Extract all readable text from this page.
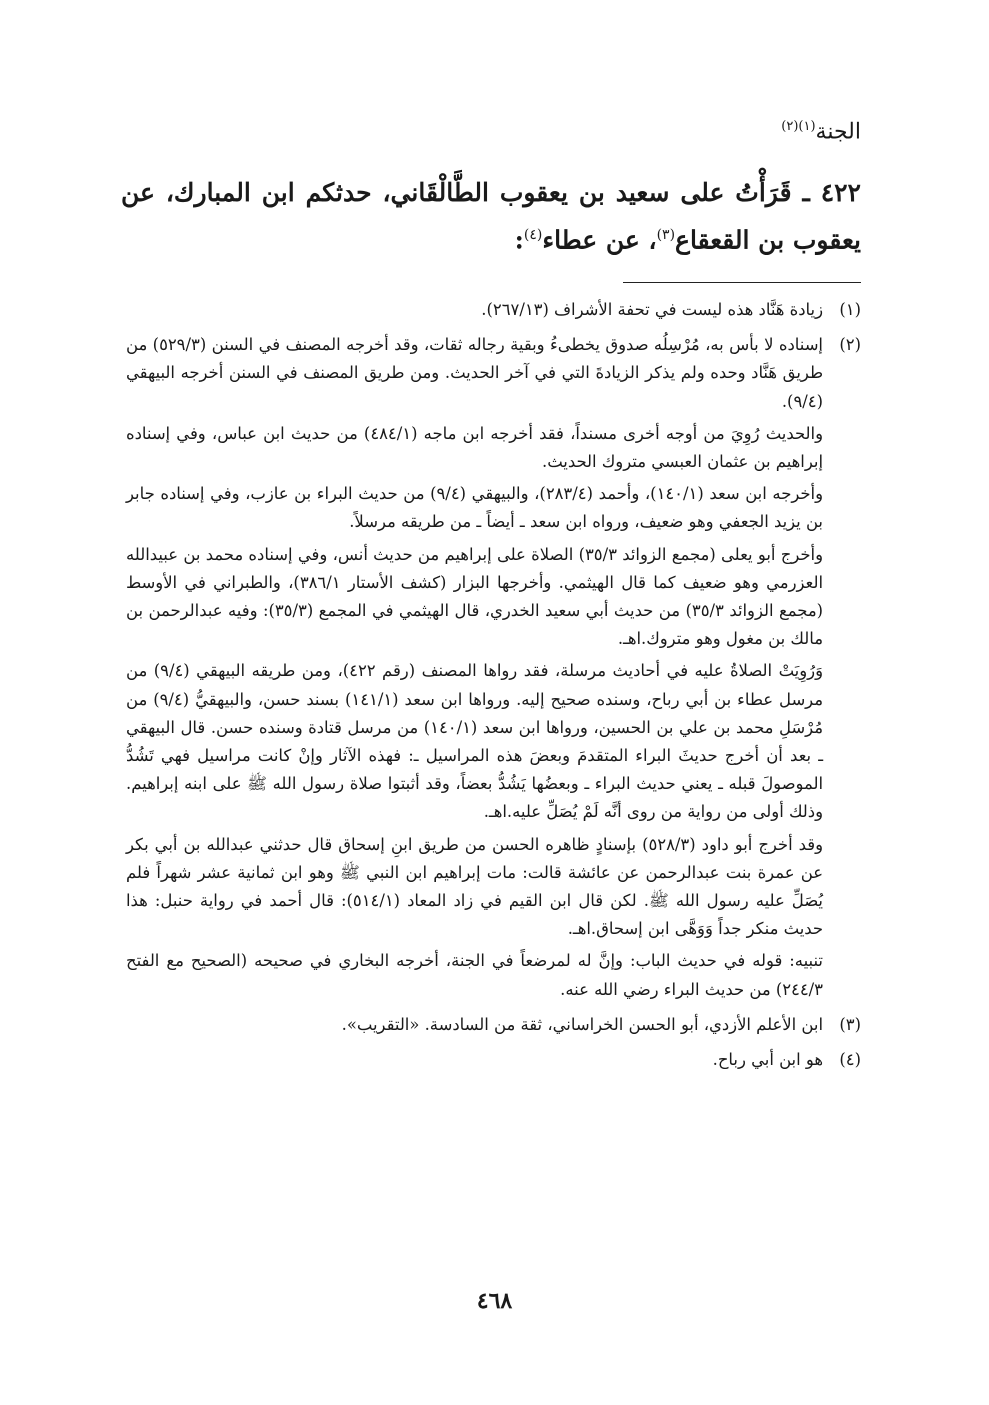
الجنة$^{(١)(٢)}$
٤٢٢ ـ قَرَأْتُ على سعيد بن يعقوب الطَّالْقَاني، حدثكم ابن المبارك، عن يعقوب بن القعقاع$^{(٣)}$، عن عطاء$^{(٤)}$:
(١)

زيادة هَنَّاد هذه ليست في تحفة الأشراف (٢٦٧/١٣).

(٢)

إسناده لا بأس به، مُرْسِلُه صدوق يخطىءُ وبقية رجاله ثقات، وقد أخرجه المصنف في السنن (٥٢٩/٣) من طريق هَنَّاد وحده ولم يذكر الزيادةَ التي في آخر الحديث. ومن طريق المصنف في السنن أخرجه البيهقي (٩/٤).

والحديث رُوِيَ من أوجه أخرى مسنداً، فقد أخرجه ابن ماجه (٤٨٤/١) من حديث ابن عباس، وفي إسناده إبراهيم بن عثمان العبسي متروك الحديث.

وأخرجه ابن سعد (١٤٠/١)، وأحمد (٢٨٣/٤)، والبيهقي (٩/٤) من حديث البراء بن عازب، وفي إسناده جابر بن يزيد الجعفي وهو ضعيف، ورواه ابن سعد ـ أيضاً ـ من طريقه مرسلاً.

وأخرج أبو يعلى (مجمع الزوائد ٣٥/٣) الصلاة على إبراهيم من حديث أنس، وفي إسناده محمد بن عبيدالله العزرمي وهو ضعيف كما قال الهيثمي. وأخرجها البزار (كشف الأستار ٣٨٦/١)، والطبراني في الأوسط (مجمع الزوائد ٣٥/٣) من حديث أبي سعيد الخدري، قال الهيثمي في المجمع (٣٥/٣): وفيه عبدالرحمن بن مالك بن مغول وهو متروك.اهـ.

وَرُوِيَتْ الصلاةُ عليه في أحاديث مرسلة، فقد رواها المصنف (رقم ٤٢٢)، ومن طريقه البيهقي (٩/٤) من مرسل عطاء بن أبي رباح، وسنده صحيح إليه. ورواها ابن سعد (١٤١/١) بسند حسن، والبيهقيُّ (٩/٤) من مُرْسَلِ محمد بن علي بن الحسين، ورواها ابن سعد (١٤٠/١) من مرسل قتادة وسنده حسن. قال البيهقي ـ بعد أن أخرج حديثَ البراء المتقدمَ وبعضَ هذه المراسيل ـ: فهذه الآثار وإنْ كانت مراسيل فهي تَشُدُّ الموصولَ قبله ـ يعني حديث البراء ـ وبعضُها يَشُدُّ بعضاً، وقد أثبتوا صلاة رسول الله ﷺ على ابنه إبراهيم. وذلك أولى من رواية من روى أنَّه لَمْ يُصَلِّ عليه.اهـ.

وقد أخرج أبو داود (٥٢٨/٣) بإسنادٍ ظاهره الحسن من طريق ابنِ إسحاق قال حدثني عبدالله بن أبي بكر عن عمرة بنت عبدالرحمن عن عائشة قالت: مات إبراهيم ابن النبي ﷺ وهو ابن ثمانية عشر شهراً فلم يُصَلِّ عليه رسول الله ﷺ. لكن قال ابن القيم في زاد المعاد (٥١٤/١): قال أحمد في رواية حنبل: هذا حديث منكر جداً وَوَهَّى ابن إسحاق.اهـ.

تنبيه: قوله في حديث الباب: وإنَّ له لمرضعاً في الجنة، أخرجه البخاري في صحيحه (الصحيح مع الفتح ٢٤٤/٣) من حديث البراء رضي الله عنه.

(٣)

ابن الأعلم الأزدي، أبو الحسن الخراساني، ثقة من السادسة. «التقريب».

(٤)

هو ابن أبي رباح.

٤٦٨
